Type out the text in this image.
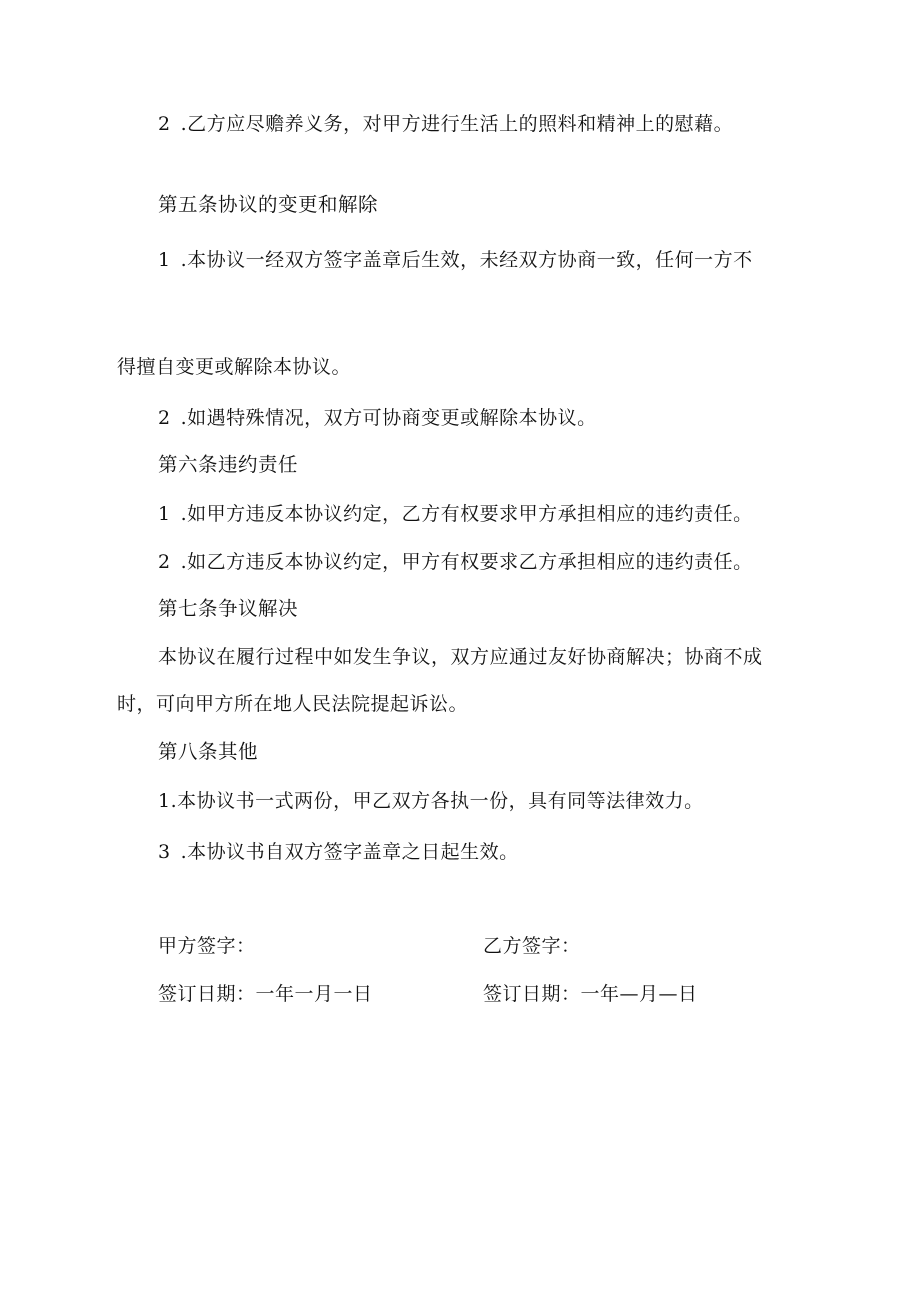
2 .乙方应尽赡养义务，对甲方进行生活上的照料和精神上的慰藉。
第五条协议的变更和解除
1 .本协议一经双方签字盖章后生效，未经双方协商一致，任何一方不
得擅自变更或解除本协议。
2 .如遇特殊情况，双方可协商变更或解除本协议。
第六条违约责任
1 .如甲方违反本协议约定，乙方有权要求甲方承担相应的违约责任。
2 .如乙方违反本协议约定，甲方有权要求乙方承担相应的违约责任。
第七条争议解决
本协议在履行过程中如发生争议，双方应通过友好协商解决；协商不成
时，可向甲方所在地人民法院提起诉讼。
第八条其他
1.本协议书一式两份，甲乙双方各执一份，具有同等法律效力。
3 .本协议书自双方签字盖章之日起生效。
甲方签字：	乙方签字：
签订日期：一年一月一日	签订日期：一年—月—日
